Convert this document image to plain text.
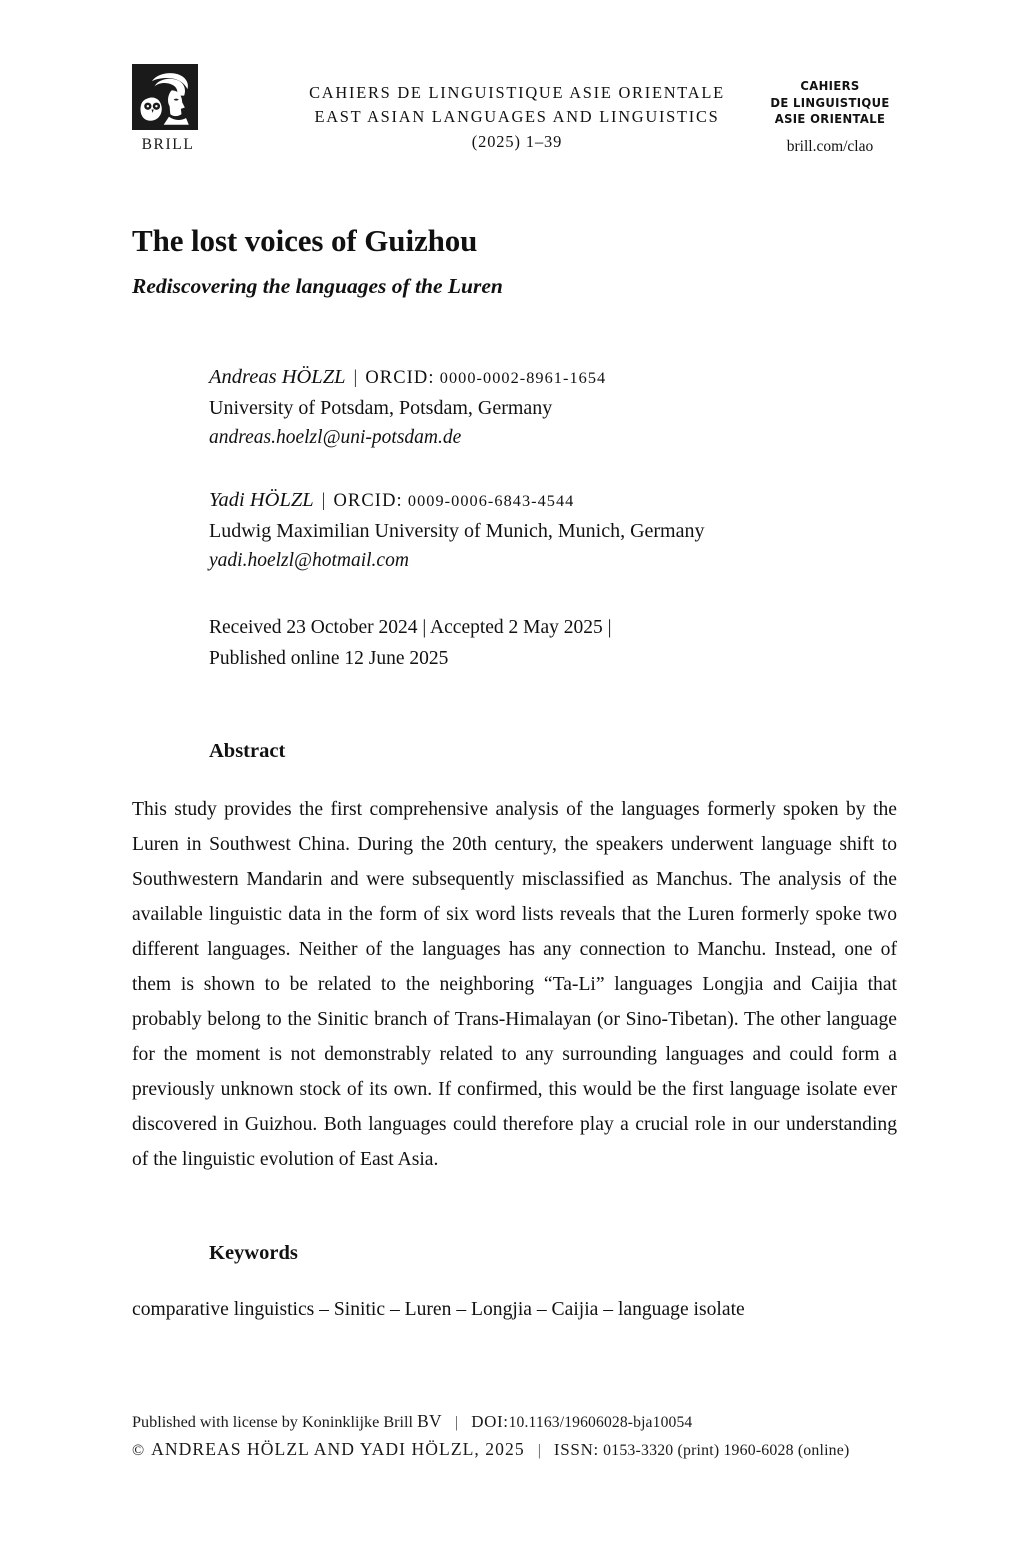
BRILL
CAHIERS DE LINGUISTIQUE ASIE ORIENTALE
EAST ASIAN LANGUAGES AND LINGUISTICS
(2025) 1–39
CAHIERS
DE LINGUISTIQUE
ASIE ORIENTALE
brill.com/clao
The lost voices of Guizhou
Rediscovering the languages of the Luren
Andreas HÖLZL | ORCID: 0000-0002-8961-1654
University of Potsdam, Potsdam, Germany
andreas.hoelzl@uni-potsdam.de
Yadi HÖLZL | ORCID: 0009-0006-6843-4544
Ludwig Maximilian University of Munich, Munich, Germany
yadi.hoelzl@hotmail.com
Received 23 October 2024 | Accepted 2 May 2025 |
Published online 12 June 2025
Abstract
This study provides the first comprehensive analysis of the languages formerly spoken by the Luren in Southwest China. During the 20th century, the speakers underwent language shift to Southwestern Mandarin and were subsequently misclassified as Manchus. The analysis of the available linguistic data in the form of six word lists reveals that the Luren formerly spoke two different languages. Neither of the languages has any connection to Manchu. Instead, one of them is shown to be related to the neighboring “Ta-Li” languages Longjia and Caijia that probably belong to the Sinitic branch of Trans-Himalayan (or Sino-Tibetan). The other language for the moment is not demonstrably related to any surrounding languages and could form a previously unknown stock of its own. If confirmed, this would be the first language isolate ever discovered in Guizhou. Both languages could therefore play a crucial role in our understanding of the linguistic evolution of East Asia.
Keywords
comparative linguistics – Sinitic – Luren – Longjia – Caijia – language isolate
Published with license by Koninklijke Brill BV | DOI:10.1163/19606028-bja10054
© ANDREAS HÖLZL AND YADI HÖLZL, 2025 | ISSN: 0153-3320 (print) 1960-6028 (online)
